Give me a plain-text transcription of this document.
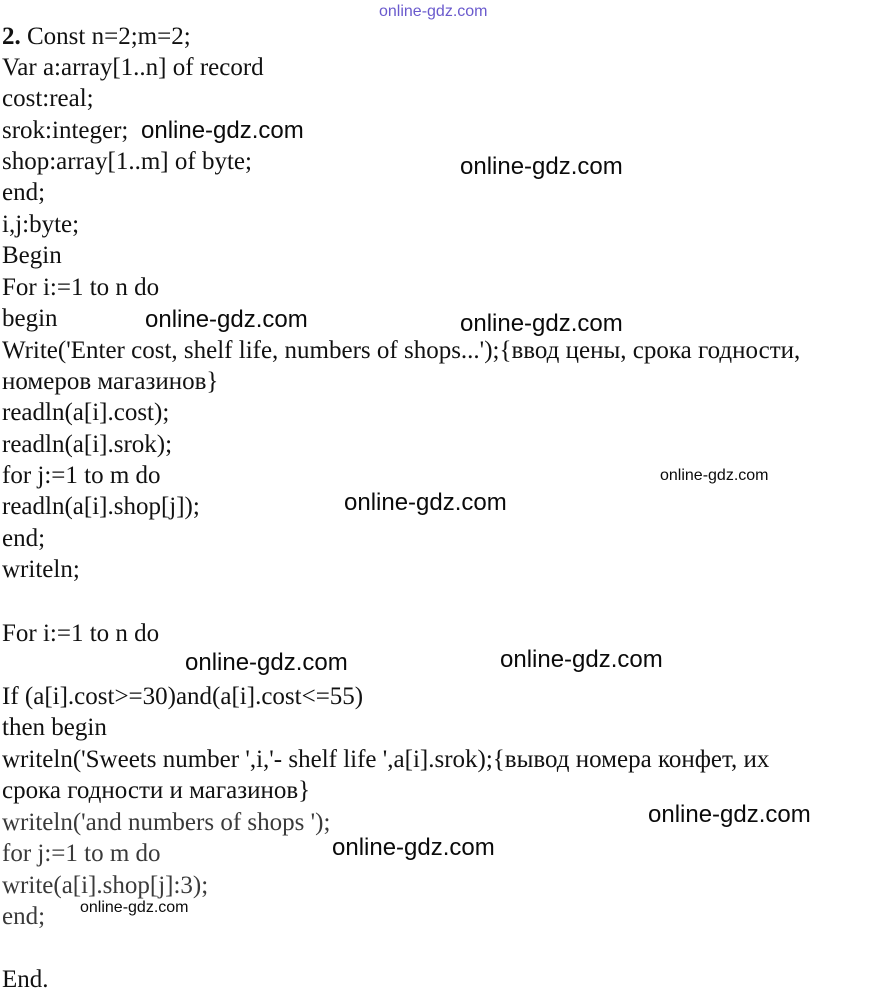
online-gdz.com
2. Const n=2;m=2;
Var a:array[1..n] of record
cost:real;
srok:integer;
shop:array[1..m] of byte;
end;
i,j:byte;
Begin
For i:=1 to n do
begin
Write('Enter cost, shelf life, numbers of shops...');{ввод цены, срока годности,
номеров магазинов}
readln(a[i].cost);
readln(a[i].srok);
for j:=1 to m do
readln(a[i].shop[j]);
end;
writeln;
For i:=1 to n do
If (a[i].cost>=30)and(a[i].cost<=55)
then begin
writeln('Sweets number ',i,'- shelf life ',a[i].srok);{вывод номера конфет, их
срока годности и магазинов}
writeln('and numbers of shops ');
for j:=1 to m do
write(a[i].shop[j]:3);
end;
End.
online-gdz.com
online-gdz.com
online-gdz.com	online-gdz.com
online-gdz.com
online-gdz.com
online-gdz.com	online-gdz.com
online-gdz.com
online-gdz.com
online-gdz.com
